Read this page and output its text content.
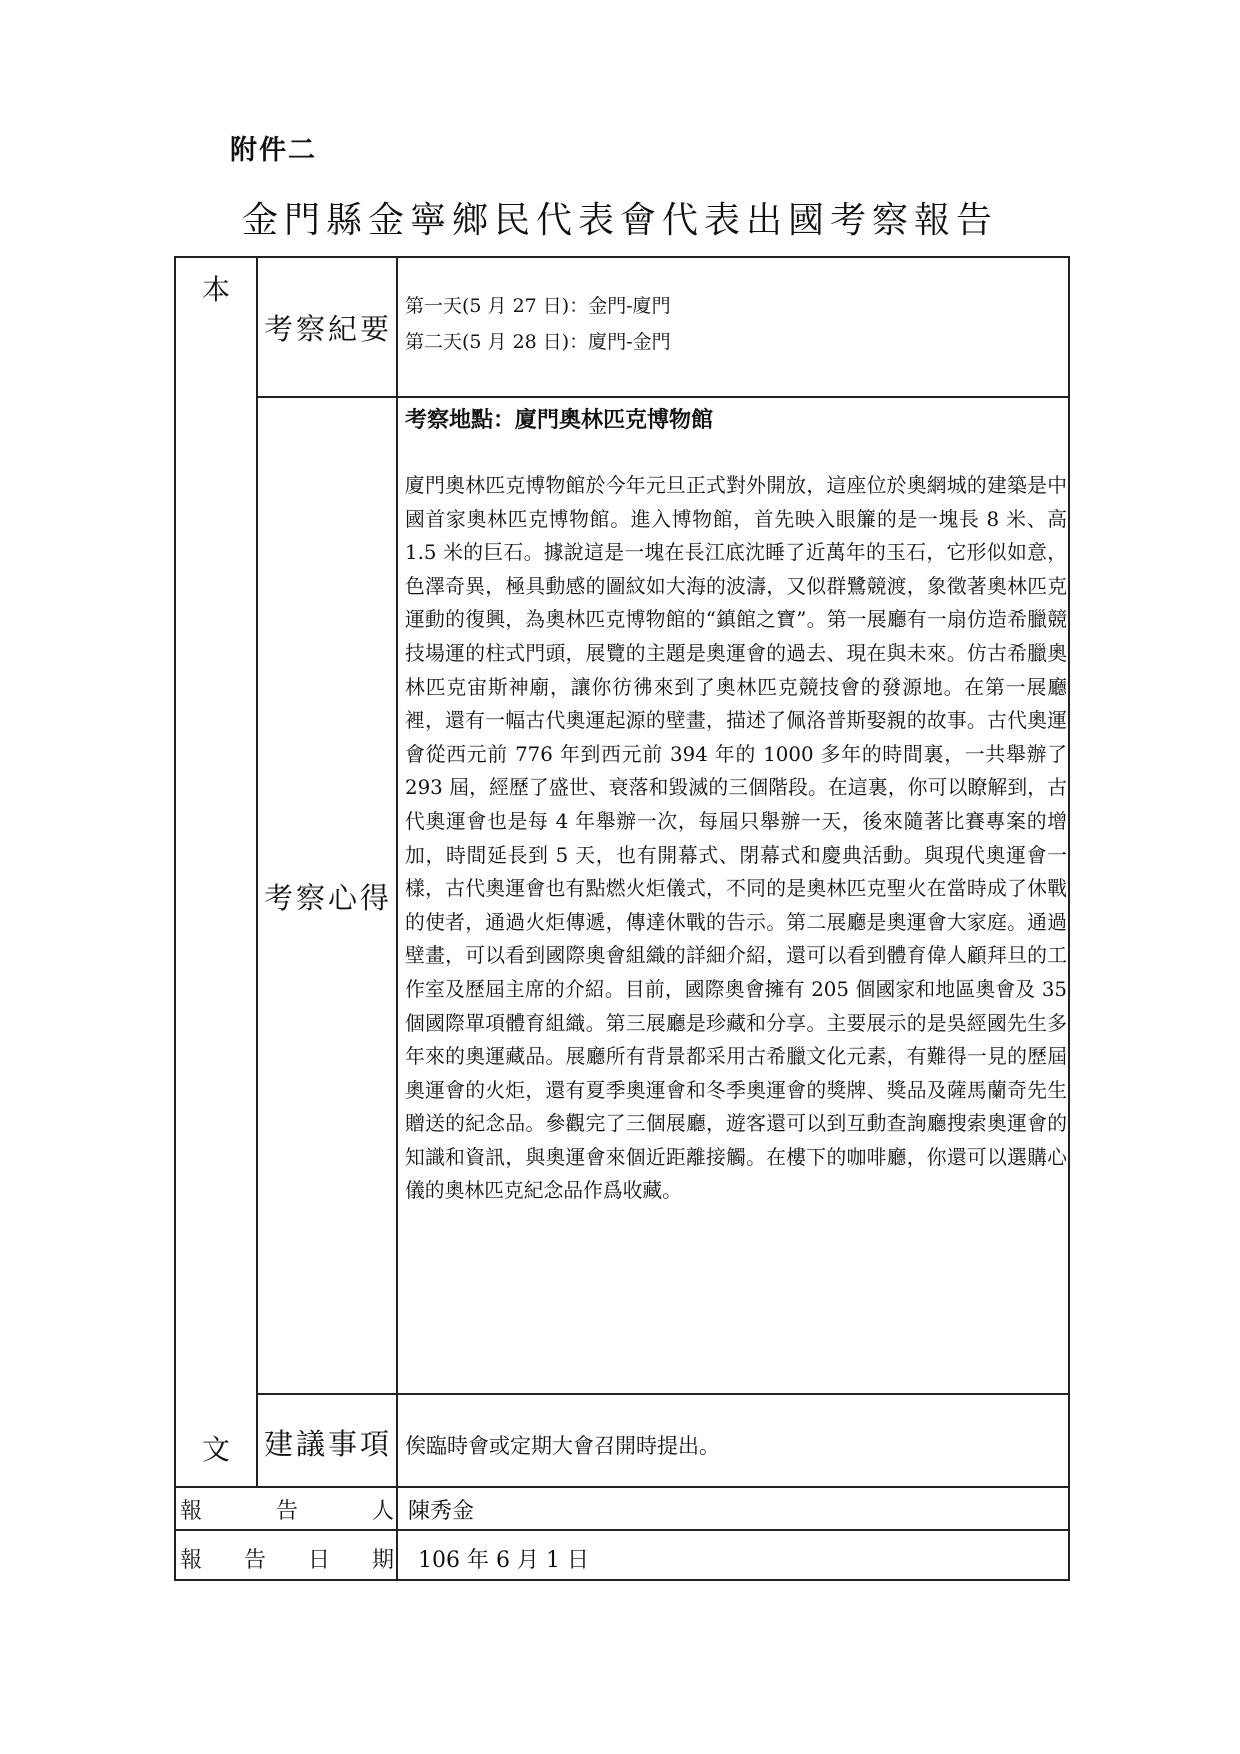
附件二
金門縣金寧鄉民代表會代表出國考察報告
本
文
考察紀要
第一天(5 月 27 日)：金門-廈門
第二天(5 月 28 日)：廈門-金門
考察心得
考察地點：廈門奧林匹克博物館
廈門奧林匹克博物館於今年元旦正式對外開放，這座位於奧網城的建築是中國首家奧林匹克博物館。進入博物館，首先映入眼簾的是一塊長 8 米、高 1.5 米的巨石。據說這是一塊在長江底沈睡了近萬年的玉石，它形似如意，色澤奇異，極具動感的圖紋如大海的波濤，又似群鷺競渡，象徵著奧林匹克運動的復興，為奧林匹克博物館的“鎮館之寶”。第一展廳有一扇仿造希臘競技場運的柱式門頭，展覽的主題是奧運會的過去、現在與未來。仿古希臘奧林匹克宙斯神廟，讓你彷彿來到了奧林匹克競技會的發源地。在第一展廳裡，還有一幅古代奧運起源的壁畫，描述了佩洛普斯娶親的故事。古代奧運會從西元前 776 年到西元前 394 年的 1000 多年的時間裏，一共舉辦了 293 屆，經歷了盛世、衰落和毀滅的三個階段。在這裏，你可以瞭解到，古代奧運會也是每 4 年舉辦一次，每屆只舉辦一天，後來隨著比賽專案的增加，時間延長到 5 天，也有開幕式、閉幕式和慶典活動。與現代奧運會一樣，古代奧運會也有點燃火炬儀式，不同的是奧林匹克聖火在當時成了休戰的使者，通過火炬傳遞，傳達休戰的告示。第二展廳是奧運會大家庭。通過壁畫，可以看到國際奧會組織的詳細介紹，還可以看到體育偉人顧拜旦的工作室及歷屆主席的介紹。目前，國際奧會擁有 205 個國家和地區奧會及 35 個國際單項體育組織。第三展廳是珍藏和分享。主要展示的是吳經國先生多年來的奧運藏品。展廳所有背景都采用古希臘文化元素，有難得一見的歷屆奧運會的火炬，還有夏季奧運會和冬季奧運會的獎牌、獎品及薩馬蘭奇先生贈送的紀念品。參觀完了三個展廳，遊客還可以到互動查詢廳搜索奧運會的知識和資訊，與奧運會來個近距離接觸。在樓下的咖啡廳，你還可以選購心儀的奧林匹克紀念品作爲收藏。
建議事項 俟臨時會或定期大會召開時提出。
報	告	人 陳秀金
報 告 日 期 106 年 6 月 1 日
